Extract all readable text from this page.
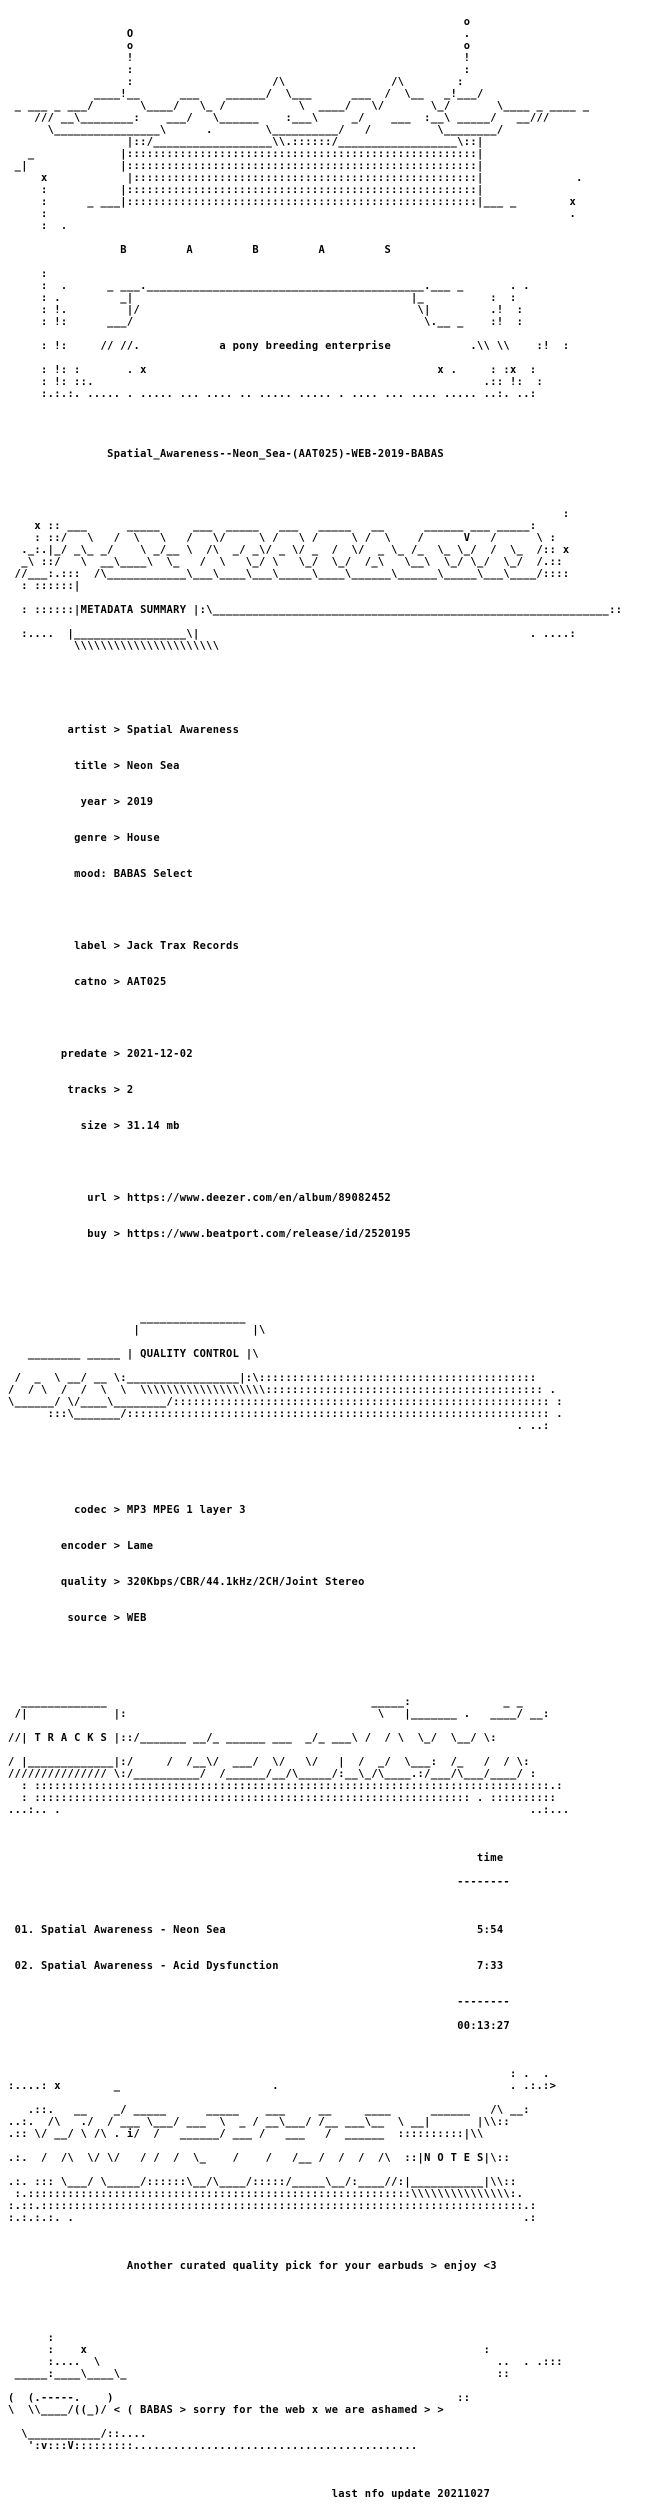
o
O                                                  .
o                                                  o
!                                                  !
:                                                  :
:                     /\                /\        :
____!__      ___    ______/  \___      ___  /  \__   _!___/
_ ___ _ ___/       \____/   \_ /           \  ____/   \/       \_/       \____ _ ____ _
/// __\________:    ___/   \______    :___\     _/    ___  :__\ _____/   __///
\________________\      .        \__________/   /          \________/
|::/__________________\\.::::::/__________________\::|
_             |:::::::::::::::::::::::::::::::::::::::::::::::::::::|
_|              |:::::::::::::::::::::::::::::::::::::::::::::::::::::|
x            |::::::::::::::::::::::::::::::::::::::::::::::::::::|              .
:           |:::::::::::::::::::::::::::::::::::::::::::::::::::::|
:      _ ___|:::::::::::::::::::::::::::::::::::::::::::::::::::::|___ _        x
:                                                                               .
:  .

B         A         B         A         S

:
:  .      _ ___.__________________________________________.___ _       . .
: .         _|                                          |_          :  :
: !.         |/                                          \|         .!  :
: !:      ___/                                            \.__ _    :!  :

: !:     // //.            a pony breeding enterprise            .\\ \\    :!  :

: !: :       . x                                            x .     : :x  :
: !: ::.                                                           .:: !:  :
:.:.:. ..... . ..... ... .... .. ..... ..... . .... ... .... ..... ..:. ..:

Spatial_Awareness--Neon_Sea-(AAT025)-WEB-2019-BABAS

:
x :: ___      _____     ___  _____   ___   _____   __      ______ ___ _____:
: ::/   \   /  \   \   /   \/     \ /   \ /     \ /  \    /      V   /      \ :
._:.|_/ _\_ _/    \ _/__ \  /\  _/ _\/ _ \/ _  /  \/  _ \_ /_  \_ \_/  /  \_  /:: x
_\ ::/   \  __\____\  \_   /  \   \_/ \   \_/  \_/  /_\   \__\  \_/ \_/  \_/  /.::
//___:.:::  /\____________\___\____\___\_____\____\______\______\_____\___\____/::::
: ::::::|

: ::::::|METADATA SUMMARY |:\____________________________________________________________::

:....  |_________________\|                                                  . ....:
\\\\\\\\\\\\\\\\\\\\\\

artist > Spatial Awareness

title > Neon Sea

year > 2019

genre > House

mood: BABAS Select

label > Jack Trax Records

catno > AAT025

predate > 2021-12-02

tracks > 2

size > 31.14 mb

url > https://www.deezer.com/en/album/89082452

buy > https://www.beatport.com/release/id/2520195

________________
|                 |\

________ _____ | QUALITY CONTROL |\

/  _  \ __/ __ \:_________________|:\::::::::::::::::::::::::::::::::::::::::::
/  / \  /  /  \  \  \\\\\\\\\\\\\\\\\\\:::::::::::::::::::::::::::::::::::::::::: .
\______/ \/____\________/::::::::::::::::::::::::::::::::::::::::::::::::::::::::: :
:::\_______/:::::::::::::::::::::::::::::::::::::::::::::::::::::::::::::::: .
. ..:

codec > MP3 MPEG 1 layer 3

encoder > Lame

quality > 320Kbps/CBR/44.1kHz/2CH/Joint Stereo

source > WEB

_____________                                        _____:              _ _
/|             |:                                      \   |_______ .   ____/ __:

//| T R A C K S |::/_______ __/_ ______ ___  _/_ ___\ /  / \  \_/  \__/ \:

/ |_____________|:/     /  /__\/  ___/  \/   \/   |  /  _/  \___:  /_   /  / \:
/////////////// \:/__________/  /______/__/\_____/:__\_/\____.:/___/\___/____/ :
: ::::::::::::::::::::::::::::::::::::::::::::::::::::::::::::::::::::::::::::::.:
: :::::::::::::::::::::::::::::::::::::::::::::::::::::::::::::::::: . ::::::::::
...:.. .                                                                       ..:...

time

--------

01. Spatial Awareness - Neon Sea	5:54

02. Spatial Awareness - Acid Dysfunction	7:33

--------

00:13:27

: .  .
:....: x        _                       .                                   . .:.:>

.::.   __    _/ _____      _____    ___     __     ____      ______   /\ __:
..:.  /\   ./  / ___ \___/ ___  \  _ / __\___/ /__ ___\__  \ __|       |\\::
.:: \/ __/ \ /\ . i/  /   ______/ ___ /   ___   /  ______  ::::::::::|\\

.:.  /  /\  \/ \/   / /  /  \_    /    /   /__ /  /  /  /\  ::|N O T E S|\::

.:. ::: \___/ \_____/::::::\__/\____/:::::/_____\__/:____//:|___________|\\::
:.::::::::::::::::::::::::::::::::::::::::::::::::::::::::::\\\\\\\\\\\\\\\:.
:.::.:::::::::::::::::::::::::::::::::::::::::::::::::::::::::::::::::::::::::.:
:.:.:.:. .                                                                    .:

Another curated quality pick for your earbuds > enjoy <3

:
:    x                                                            :
:....  \                                                            ..  . .:::
_____:____\____\_                                                        ::

(  (.-----.    )                                                    ::
\  \\____/((_)/ < ( BABAS > sorry for the web x we are ashamed > >

\___________/::....
':v:::V:::::::::...........................................

last nfo update 20211027
